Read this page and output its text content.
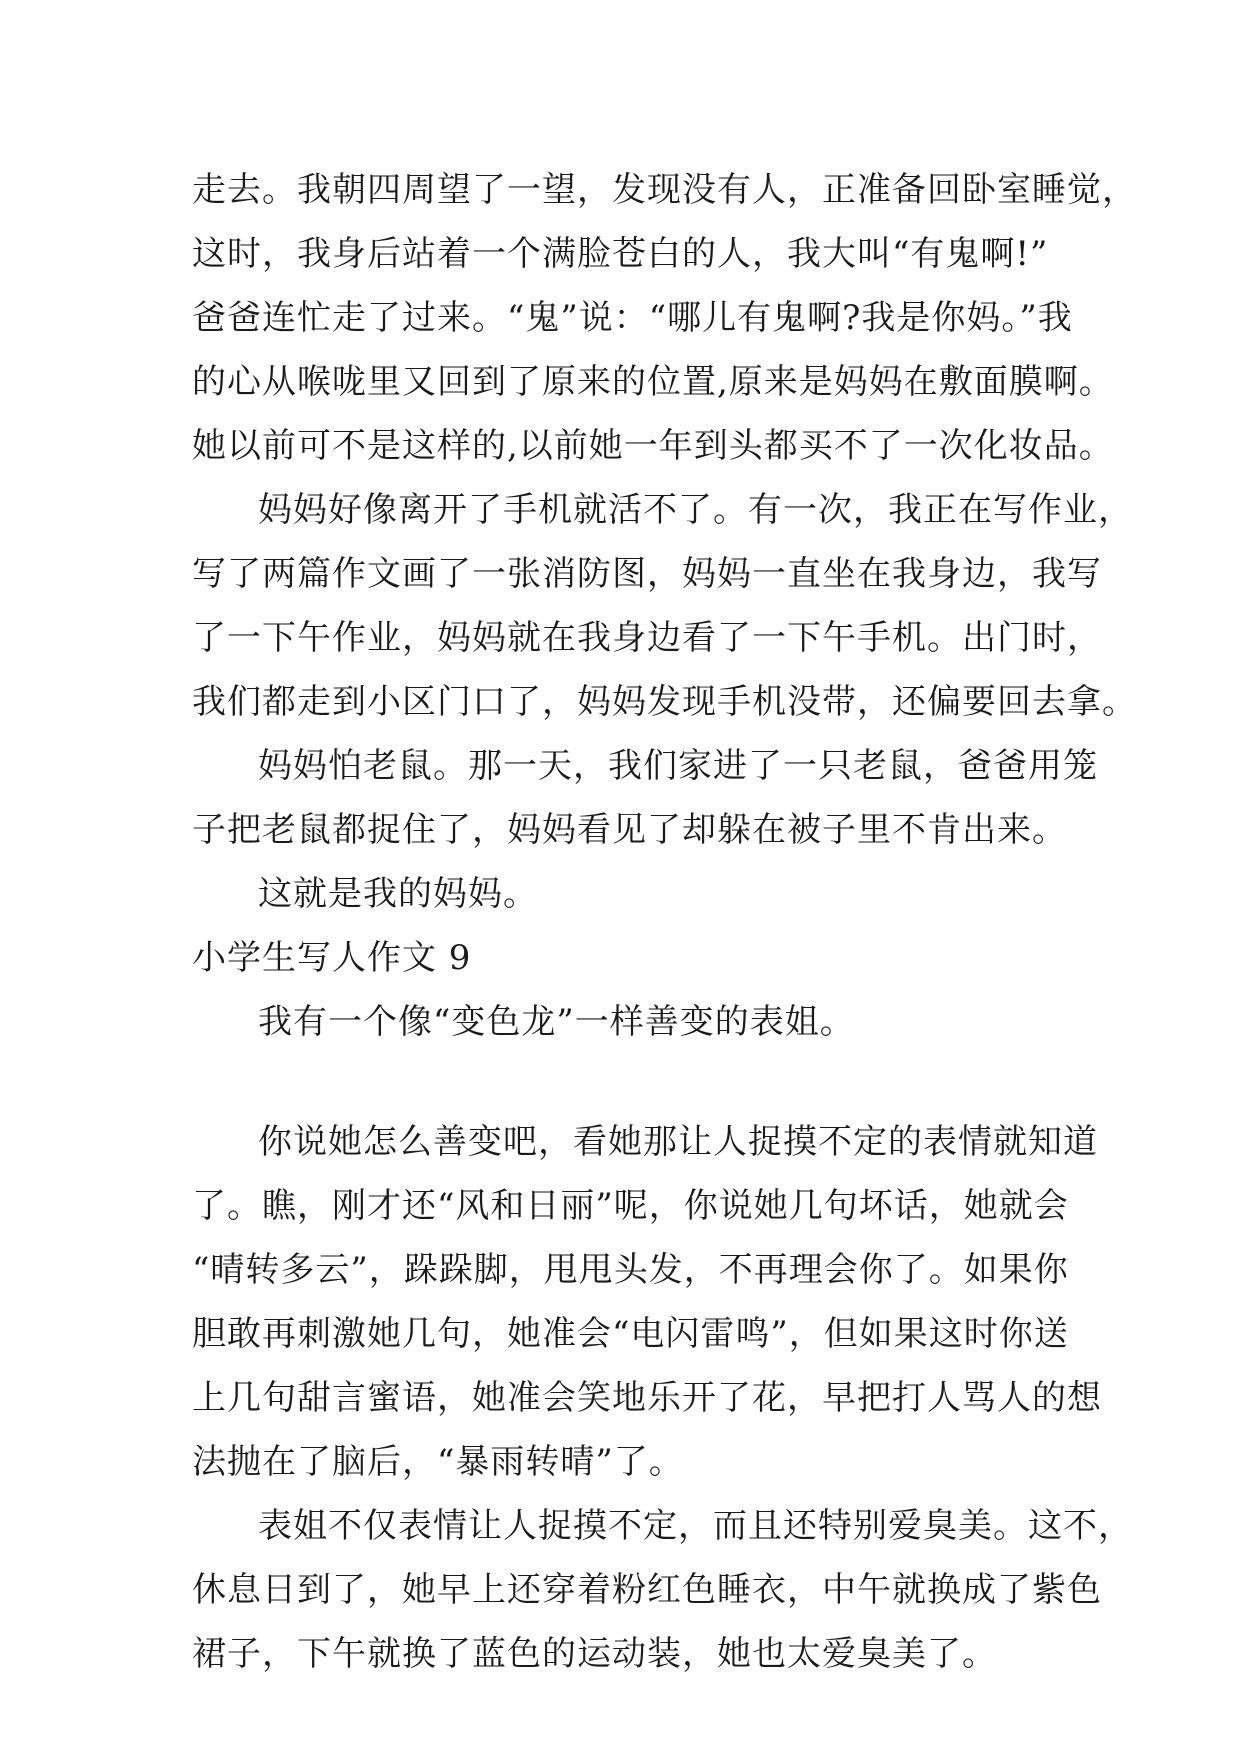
走去。我朝四周望了一望，发现没有人，正准备回卧室睡觉，
这时，我身后站着一个满脸苍白的人，我大叫“有鬼啊!”
爸爸连忙走了过来。“鬼”说：“哪儿有鬼啊?我是你妈。”我
的心从喉咙里又回到了原来的位置,原来是妈妈在敷面膜啊。
她以前可不是这样的,以前她一年到头都买不了一次化妆品。
妈妈好像离开了手机就活不了。有一次，我正在写作业，
写了两篇作文画了一张消防图，妈妈一直坐在我身边，我写
了一下午作业，妈妈就在我身边看了一下午手机。出门时，
我们都走到小区门口了，妈妈发现手机没带，还偏要回去拿。
妈妈怕老鼠。那一天，我们家进了一只老鼠，爸爸用笼
子把老鼠都捉住了，妈妈看见了却躲在被子里不肯出来。
这就是我的妈妈。
小学生写人作文 9
我有一个像“变色龙”一样善变的表姐。
你说她怎么善变吧，看她那让人捉摸不定的表情就知道
了。瞧，刚才还“风和日丽”呢，你说她几句坏话，她就会
“晴转多云”，跺跺脚，甩甩头发，不再理会你了。如果你
胆敢再刺激她几句，她准会“电闪雷鸣”，但如果这时你送
上几句甜言蜜语，她准会笑地乐开了花，早把打人骂人的想
法抛在了脑后，“暴雨转晴”了。
表姐不仅表情让人捉摸不定，而且还特别爱臭美。这不，
休息日到了，她早上还穿着粉红色睡衣，中午就换成了紫色
裙子，下午就换了蓝色的运动装，她也太爱臭美了。
